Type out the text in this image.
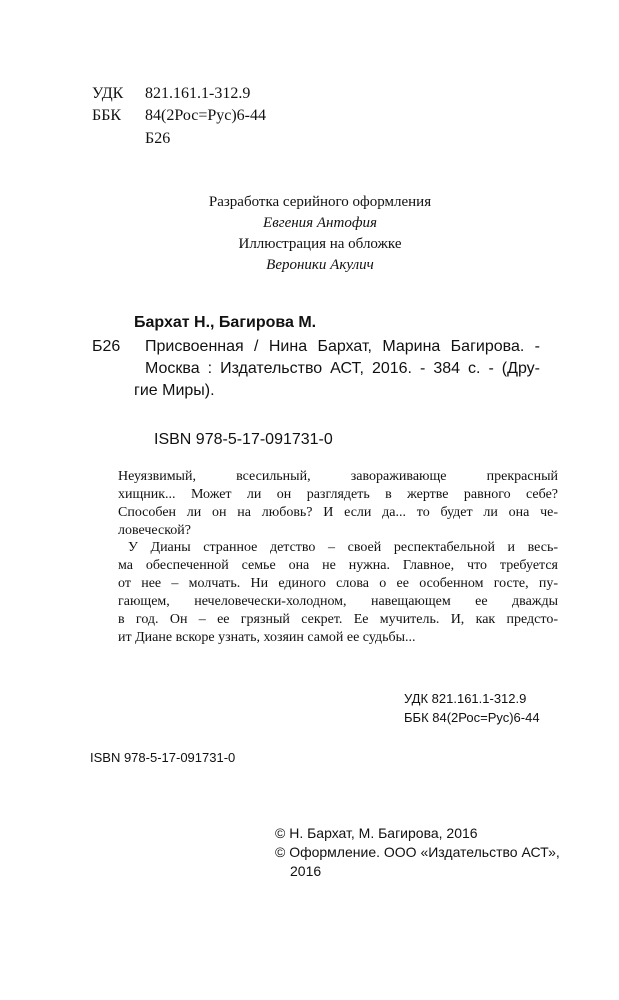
УДК	821.161.1-312.9
ББК	84(2Рос=Рус)6-44
Б26
Разработка серийного оформления
Евгения Антофия
Иллюстрация на обложке
Вероники Акулич
Бархат Н., Багирова М.
Б26 Присвоенная / Нина Бархат, Марина Багирова. -
Москва : Издательство АСТ, 2016. - 384 с. - (Дру-
гие Миры).
ISBN 978-5-17-091731-0
Неуязвимый, всесильный, завораживающе прекрасный
хищник... Может ли он разглядеть в жертве равного себе?
Способен ли он на любовь? И если да... то будет ли она че-
ловеческой?
У Дианы странное детство – своей респектабельной и весь-
ма обеспеченной семье она не нужна. Главное, что требуется
от нее – молчать. Ни единого слова о ее особенном госте, пу-
гающем, нечеловечески-холодном, навещающем ее дважды
в год. Он – ее грязный секрет. Ее мучитель. И, как предсто-
ит Диане вскоре узнать, хозяин самой ее судьбы...
УДК 821.161.1-312.9
ББК 84(2Рос=Рус)6-44
ISBN 978-5-17-091731-0
© Н. Бархат, М. Багирова, 2016
© Оформление. ООО «Издательство АСТ»,
2016
